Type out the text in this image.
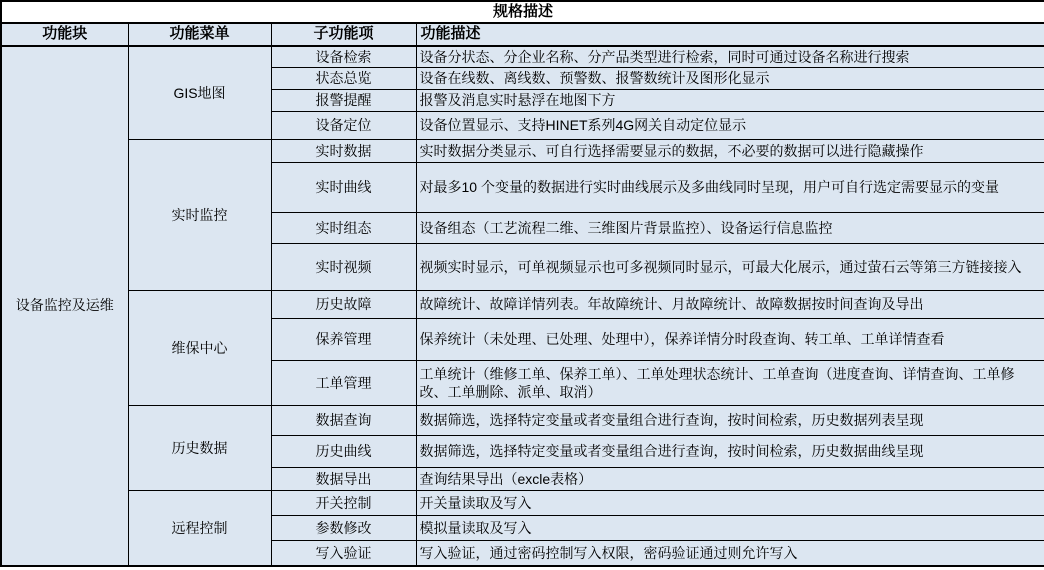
规格描述			
功能块	功能菜单	子功能项	功能描述
设备监控及运维	GIS地图	设备检索	设备分状态、分企业名称、分产品类型进行检索，同时可通过设备名称进行搜索
		状态总览	设备在线数、离线数、预警数、报警数统计及图形化显示
		报警提醒	报警及消息实时悬浮在地图下方
		设备定位	设备位置显示、支持HINET系列4G网关自动定位显示
	实时监控	实时数据	实时数据分类显示、可自行选择需要显示的数据，不必要的数据可以进行隐藏操作
		实时曲线	对最多10 个变量的数据进行实时曲线展示及多曲线同时呈现，用户可自行选定需要显示的变量
		实时组态	设备组态（工艺流程二维、三维图片背景监控）、设备运行信息监控
		实时视频	视频实时显示，可单视频显示也可多视频同时显示，可最大化展示，通过萤石云等第三方链接接入
	维保中心	历史故障	故障统计、故障详情列表。年故障统计、月故障统计、故障数据按时间查询及导出
		保养管理	保养统计（未处理、已处理、处理中），保养详情分时段查询、转工单、工单详情查看
		工单管理	工单统计（维修工单、保养工单）、工单处理状态统计、工单查询（进度查询、详情查询、工单修改、工单删除、派单、取消）
	历史数据	数据查询	数据筛选，选择特定变量或者变量组合进行查询，按时间检索，历史数据列表呈现
		历史曲线	数据筛选，选择特定变量或者变量组合进行查询，按时间检索，历史数据曲线呈现
		数据导出	查询结果导出（excle表格）
	远程控制	开关控制	开关量读取及写入
		参数修改	模拟量读取及写入
		写入验证	写入验证，通过密码控制写入权限，密码验证通过则允许写入
